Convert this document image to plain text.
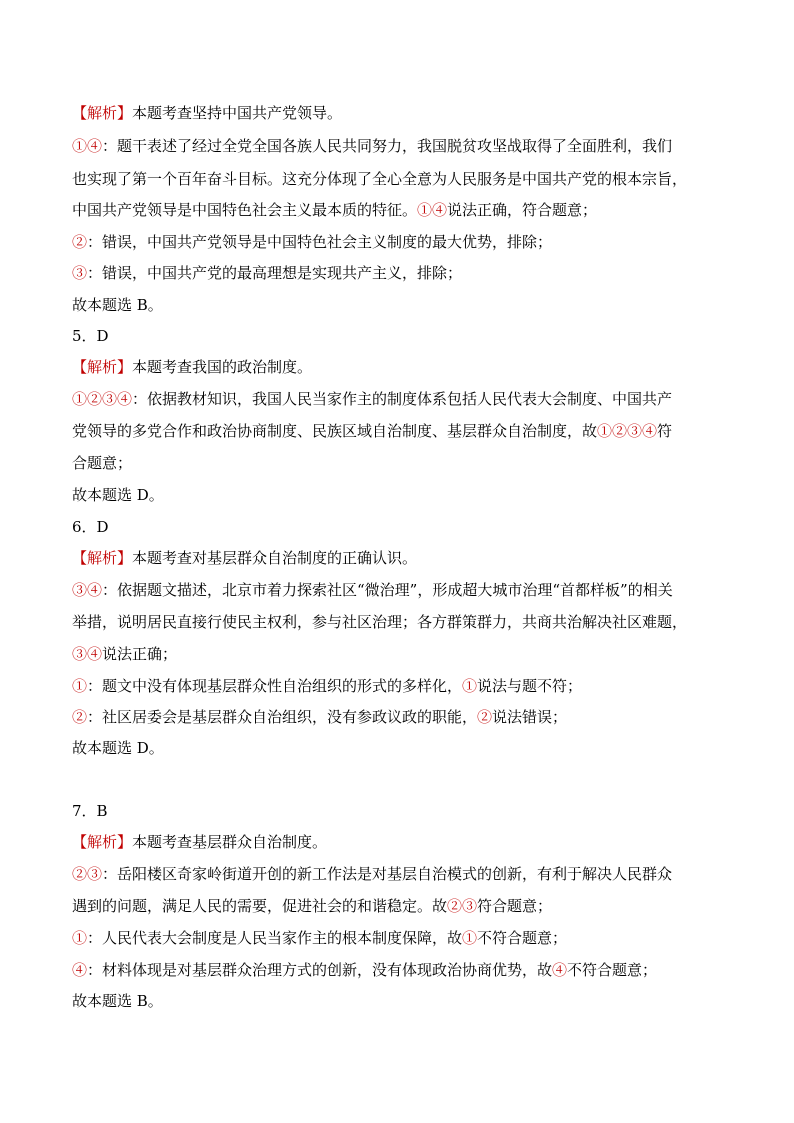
【解析】本题考查坚持中国共产党领导。
①④：题干表述了经过全党全国各族人民共同努力，我国脱贫攻坚战取得了全面胜利，我们
也实现了第一个百年奋斗目标。这充分体现了全心全意为人民服务是中国共产党的根本宗旨，
中国共产党领导是中国特色社会主义最本质的特征。①④说法正确，符合题意；
②：错误，中国共产党领导是中国特色社会主义制度的最大优势，排除；
③：错误，中国共产党的最高理想是实现共产主义，排除；
故本题选 B。
5．D
【解析】本题考查我国的政治制度。
①②③④：依据教材知识，我国人民当家作主的制度体系包括人民代表大会制度、中国共产
党领导的多党合作和政治协商制度、民族区域自治制度、基层群众自治制度，故①②③④符
合题意；
故本题选 D。
6．D
【解析】本题考查对基层群众自治制度的正确认识。
③④：依据题文描述，北京市着力探索社区“微治理”，形成超大城市治理“首都样板”的相关
举措，说明居民直接行使民主权利，参与社区治理；各方群策群力，共商共治解决社区难题，
③④说法正确；
①：题文中没有体现基层群众性自治组织的形式的多样化，①说法与题不符；
②：社区居委会是基层群众自治组织，没有参政议政的职能，②说法错误；
故本题选 D。
7．B
【解析】本题考查基层群众自治制度。
②③：岳阳楼区奇家岭街道开创的新工作法是对基层自治模式的创新，有利于解决人民群众
遇到的问题，满足人民的需要，促进社会的和谐稳定。故②③符合题意；
①：人民代表大会制度是人民当家作主的根本制度保障，故①不符合题意；
④：材料体现是对基层群众治理方式的创新，没有体现政治协商优势，故④不符合题意；
故本题选 B。
